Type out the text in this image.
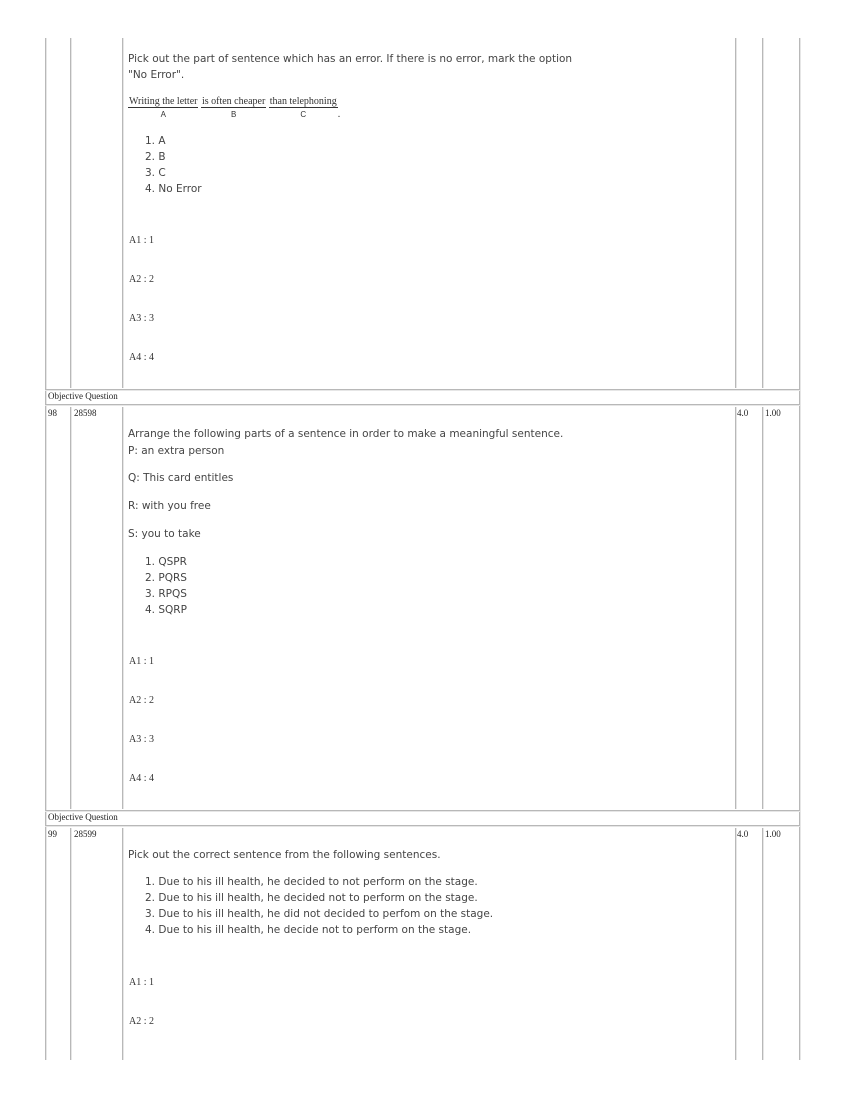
Pick out the part of sentence which has an error. If there is no error, mark the option

"No Error".

Writing the letter
A

is often cheaper
B

than telephoning
C	.
1. A
2. B
3. C
4. No Error
A1 : 1
A2 : 2
A3 : 3
A4 : 4
Objective Question
98 28598	4.0 1.00
Arrange the following parts of a sentence in order to make a meaningful sentence.
P: an extra person
Q: This card entitles
R: with you free
S: you to take
1. QSPR
2. PQRS
3. RPQS
4. SQRP
A1 : 1
A2 : 2
A3 : 3
A4 : 4
Objective Question
99 28599	4.0 1.00
Pick out the correct sentence from the following sentences.
1. Due to his ill health, he decided to not perform on the stage.
2. Due to his ill health, he decided not to perform on the stage.
3. Due to his ill health, he did not decided to perfom on the stage.
4. Due to his ill health, he decide not to perform on the stage.
A1 : 1
A2 : 2
